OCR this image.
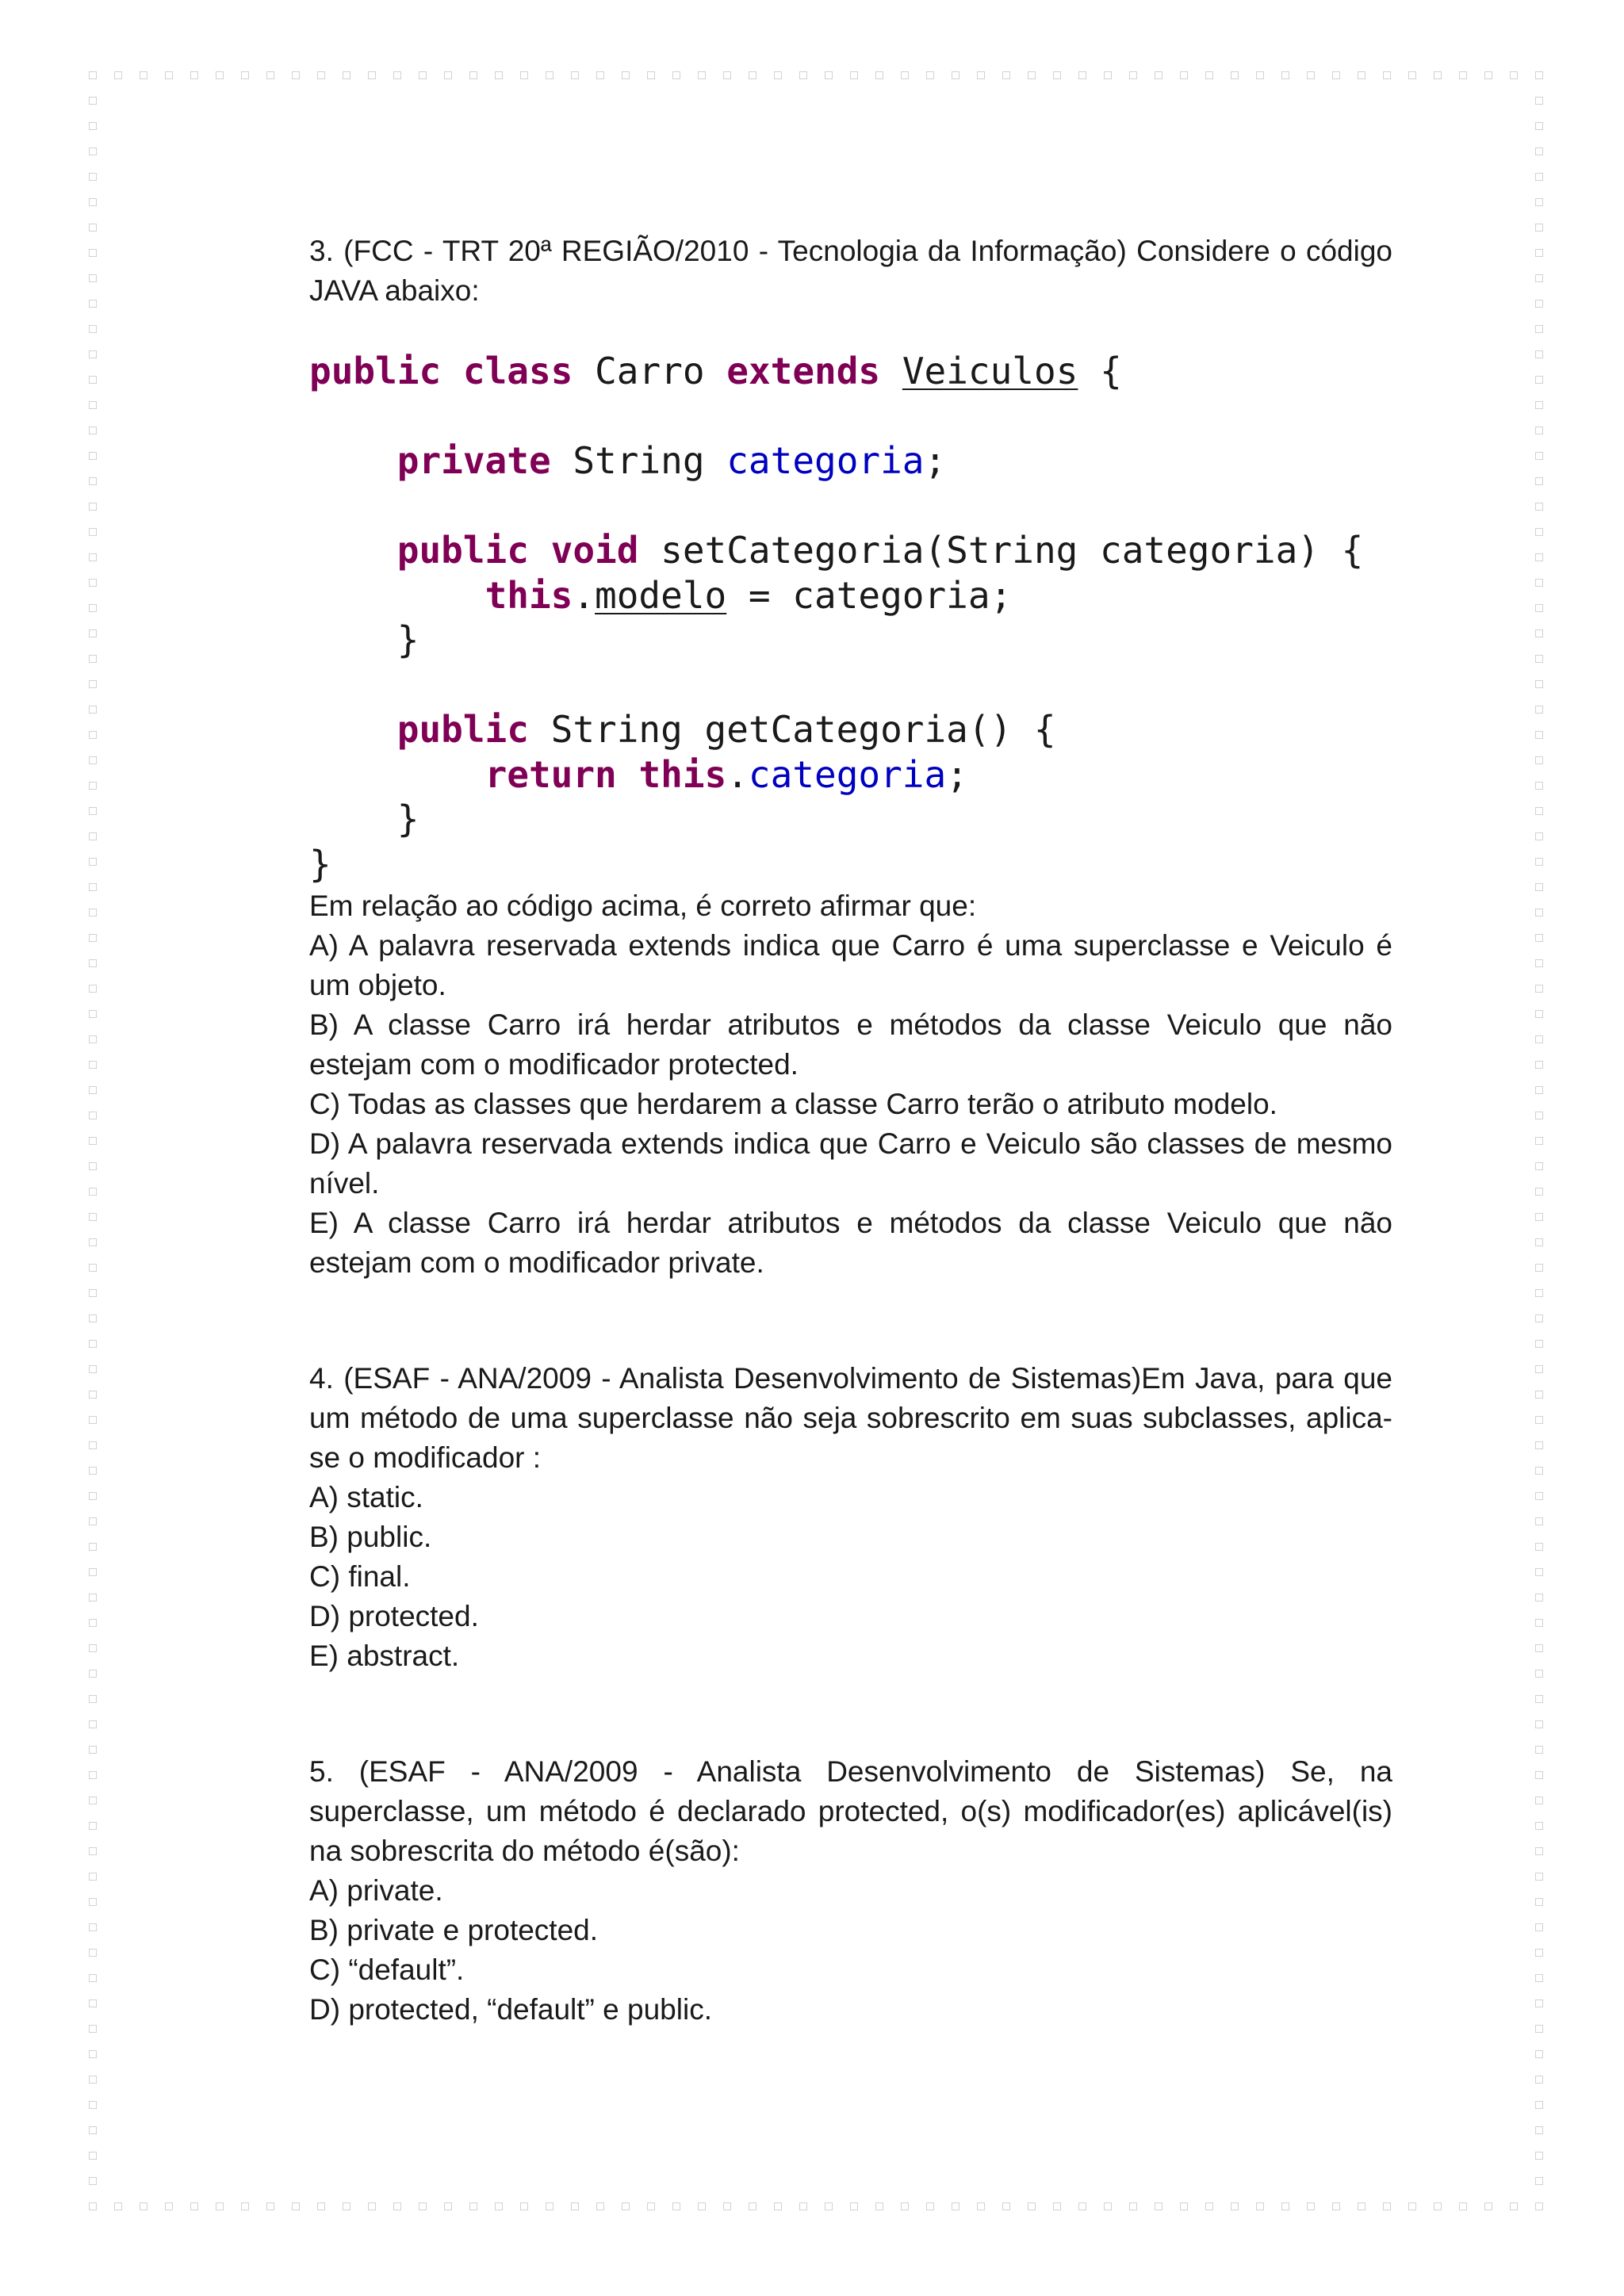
3. (FCC - TRT 20ª REGIÃO/2010 - Tecnologia da Informação) Considere o código JAVA abaixo:

public class Carro extends Veiculos {

private String categoria;

public void setCategoria(String categoria) {
this.modelo = categoria;
}

public String getCategoria() {
return this.categoria;
}
}

Em relação ao código acima, é correto afirmar que:

A) A palavra reservada extends indica que Carro é uma superclasse e Veiculo é um objeto.

B) A classe Carro irá herdar atributos e métodos da classe Veiculo que não estejam com o modificador protected.

C) Todas as classes que herdarem a classe Carro terão o atributo modelo.

D) A palavra reservada extends indica que Carro e Veiculo são classes de mesmo nível.

E) A classe Carro irá herdar atributos e métodos da classe Veiculo que não estejam com o modificador private.

4. (ESAF - ANA/2009 - Analista Desenvolvimento de Sistemas)Em Java, para que um método de uma superclasse não seja sobrescrito em suas subclasses, aplica-se o modificador :

A) static.

B) public.

C) final.

D) protected.

E) abstract.

5. (ESAF - ANA/2009 - Analista Desenvolvimento de Sistemas) Se, na superclasse, um método é declarado protected, o(s) modificador(es) aplicável(is) na sobrescrita do método é(são):

A) private.

B) private e protected.

C) “default”.

D) protected, “default” e public.
